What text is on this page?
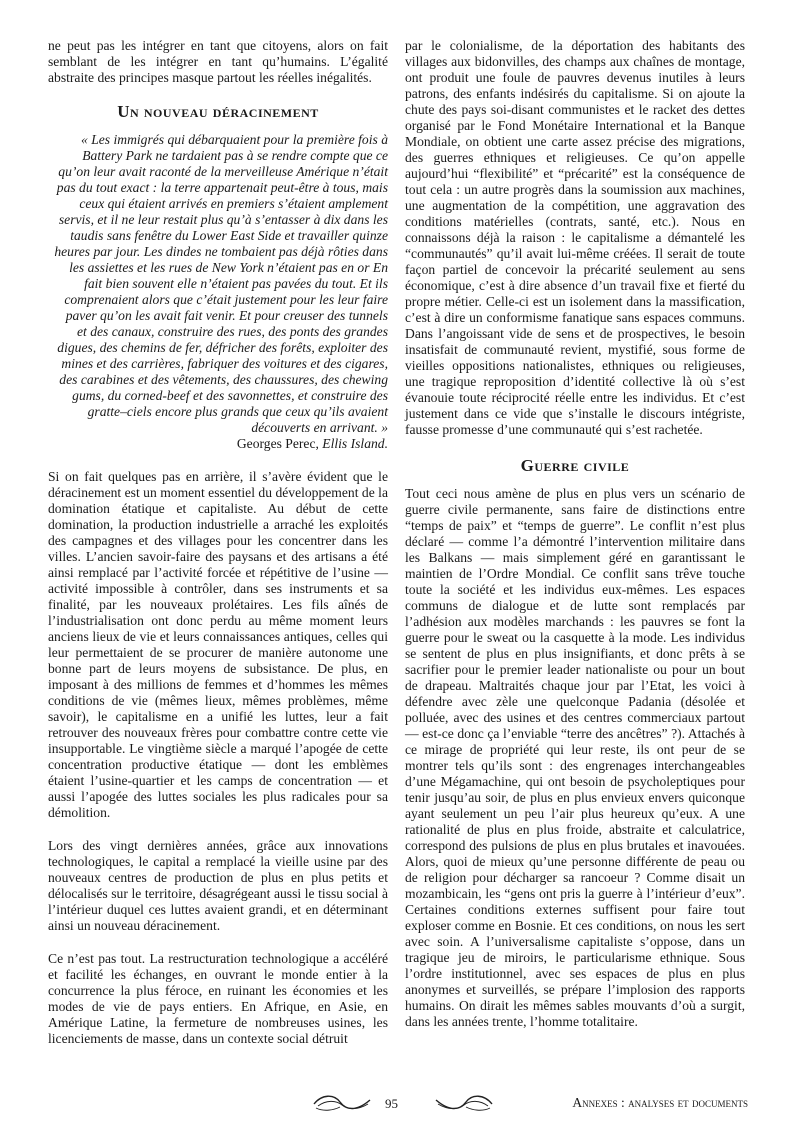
ne peut pas les intégrer en tant que citoyens, alors on fait semblant de les intégrer en tant qu’humains. L’égalité abstraite des principes masque partout les réelles inégalités.

Un nouveau déracinement
« Les immigrés qui débarquaient pour la première fois à Battery Park ne tardaient pas à se rendre compte que ce qu’on leur avait raconté de la merveilleuse Amérique n’était pas du tout exact : la terre appartenait peut-être à tous, mais ceux qui étaient arrivés en premiers s’étaient amplement servis, et il ne leur restait plus qu’à s’entasser à dix dans les taudis sans fenêtre du Lower East Side et travailler quinze heures par jour. Les dindes ne tombaient pas déjà rôties dans les assiettes et les rues de New York n’étaient pas en or En fait bien souvent elle n’étaient pas pavées du tout. Et ils comprenaient alors que c’était justement pour les leur faire paver qu’on les avait fait venir. Et pour creuser des tunnels et des canaux, construire des rues, des ponts des grandes digues, des chemins de fer, défricher des forêts, exploiter des mines et des carrières, fabriquer des voitures et des cigares, des carabines et des vêtements, des chaussures, des chewing gums, du corned-beef et des savonnettes, et construire des gratte–ciels encore plus grands que ceux qu’ils avaient découverts en arrivant. »

Georges Perec, Ellis Island.

Si on fait quelques pas en arrière, il s’avère évident que le déracinement est un moment essentiel du développement de la domination étatique et capitaliste. Au début de cette domination, la production industrielle a arraché les exploités des campagnes et des villages pour les concentrer dans les villes. L’ancien savoir-faire des paysans et des artisans a été ainsi remplacé par l’activité forcée et répétitive de l’usine — activité impossible à contrôler, dans ses instruments et sa finalité, par les nouveaux prolétaires. Les fils aînés de l’industrialisation ont donc perdu au même moment leurs anciens lieux de vie et leurs connaissances antiques, celles qui leur permettaient de se procurer de manière autonome une bonne part de leurs moyens de subsistance. De plus, en imposant à des millions de femmes et d’hommes les mêmes conditions de vie (mêmes lieux, mêmes problèmes, même savoir), le capitalisme en a unifié les luttes, leur a fait retrouver des nouveaux frères pour combattre contre cette vie insupportable. Le vingtième siècle a marqué l’apogée de cette concentration productive étatique — dont les emblèmes étaient l’usine-quartier et les camps de concentration — et aussi l’apogée des luttes sociales les plus radicales pour sa démolition.

Lors des vingt dernières années, grâce aux innovations technologiques, le capital a remplacé la vieille usine par des nouveaux centres de production de plus en plus petits et délocalisés sur le territoire, désagrégeant aussi le tissu social à l’intérieur duquel ces luttes avaient grandi, et en déterminant ainsi un nouveau déracinement.

Ce n’est pas tout. La restructuration technologique a accéléré et facilité les échanges, en ouvrant le monde entier à la concurrence la plus féroce, en ruinant les économies et les modes de vie de pays entiers. En Afrique, en Asie, en Amérique Latine, la fermeture de nombreuses usines, les licenciements de masse, dans un contexte social détruit

par le colonialisme, de la déportation des habitants des villages aux bidonvilles, des champs aux chaînes de montage, ont produit une foule de pauvres devenus inutiles à leurs patrons, des enfants indésirés du capitalisme. Si on ajoute la chute des pays soi-disant communistes et le racket des dettes organisé par le Fond Monétaire International et la Banque Mondiale, on obtient une carte assez précise des migrations, des guerres ethniques et religieuses. Ce qu’on appelle aujourd’hui “flexibilité” et “précarité” est la conséquence de tout cela : un autre progrès dans la soumission aux machines, une augmentation de la compétition, une aggravation des conditions matérielles (contrats, santé, etc.). Nous en connaissons déjà la raison : le capitalisme a démantelé les “communautés” qu’il avait lui-même créées. Il serait de toute façon partiel de concevoir la précarité seulement au sens économique, c’est à dire absence d’un travail fixe et fierté du propre métier. Celle-ci est un isolement dans la massification, c’est à dire un conformisme fanatique sans espaces communs. Dans l’angoissant vide de sens et de prospectives, le besoin insatisfait de communauté revient, mystifié, sous forme de vieilles oppositions nationalistes, ethniques ou religieuses, une tragique reproposition d’identité collective là où s’est évanouie toute réciprocité réelle entre les individus. Et c’est justement dans ce vide que s’installe le discours intégriste, fausse promesse d’une communauté qui s’est rachetée.

Guerre civile

Tout ceci nous amène de plus en plus vers un scénario de guerre civile permanente, sans faire de distinctions entre “temps de paix” et “temps de guerre”. Le conflit n’est plus déclaré — comme l’a démontré l’intervention militaire dans les Balkans — mais simplement géré en garantissant le maintien de l’Ordre Mondial. Ce conflit sans trêve touche toute la société et les individus eux-mêmes. Les espaces communs de dialogue et de lutte sont remplacés par l’adhésion aux modèles marchands : les pauvres se font la guerre pour le sweat ou la casquette à la mode. Les individus se sentent de plus en plus insignifiants, et donc prêts à se sacrifier pour le premier leader nationaliste ou pour un bout de drapeau. Maltraités chaque jour par l’Etat, les voici à défendre avec zèle une quelconque Padania (désolée et polluée, avec des usines et des centres commerciaux partout — est-ce donc ça l’enviable “terre des ancêtres” ?). Attachés à ce mirage de propriété qui leur reste, ils ont peur de se montrer tels qu’ils sont : des engrenages interchangeables d’une Mégamachine, qui ont besoin de psycholeptiques pour tenir jusqu’au soir, de plus en plus envieux envers quiconque ayant seulement un peu l’air plus heureux qu’eux. A une rationalité de plus en plus froide, abstraite et calculatrice, correspond des pulsions de plus en plus brutales et inavouées. Alors, quoi de mieux qu’une personne différente de peau ou de religion pour décharger sa rancoeur ? Comme disait un mozambicain, les “gens ont pris la guerre à l’intérieur d’eux”. Certaines conditions externes suffisent pour faire tout exploser comme en Bosnie. Et ces conditions, on nous les sert avec soin. A l’universalisme capitaliste s’oppose, dans un tragique jeu de miroirs, le particularisme ethnique. Sous l’ordre institutionnel, avec ses espaces de plus en plus anonymes et surveillés, se prépare l’implosion des rapports humains. On dirait les mêmes sables mouvants d’où a surgit, dans les années trente, l’homme totalitaire.

95	Annexes : analyses et documents
